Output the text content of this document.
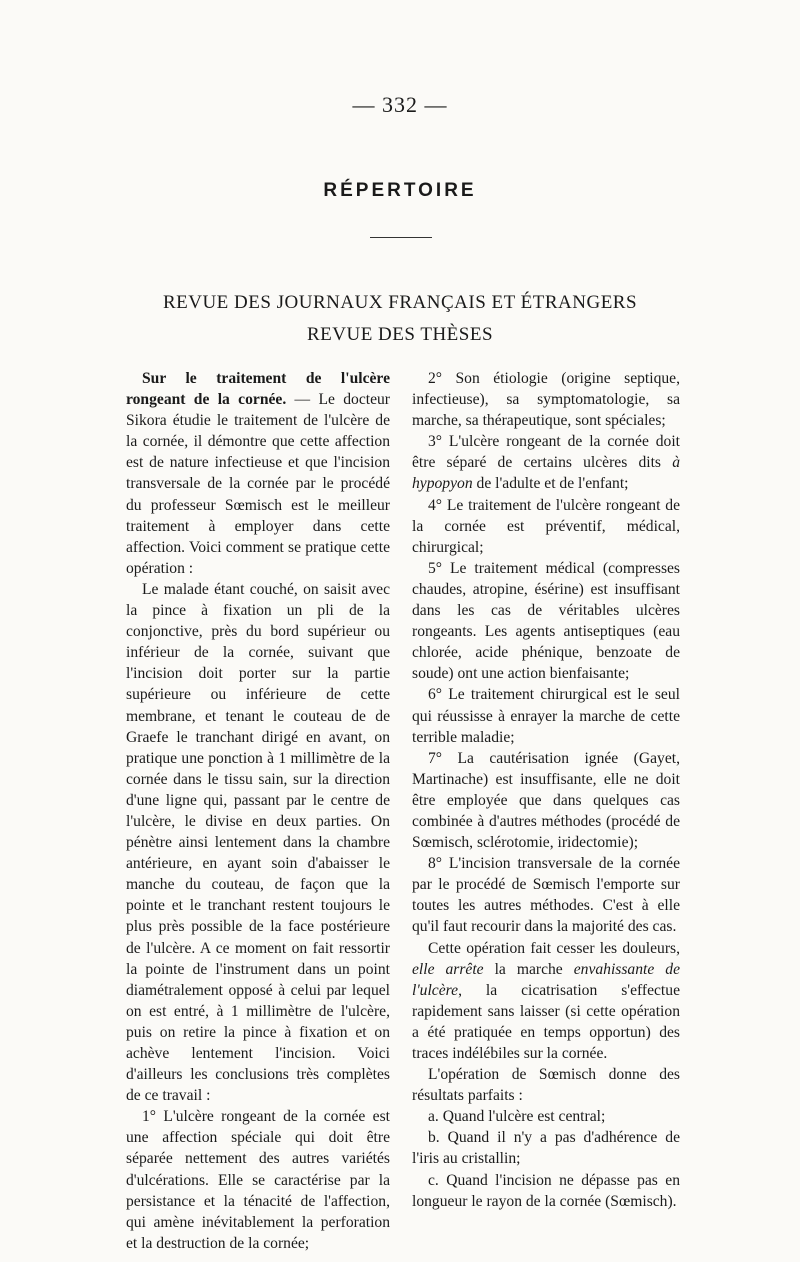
— 332 —
RÉPERTOIRE
REVUE DES JOURNAUX FRANÇAIS ET ÉTRANGERS
REVUE DES THÈSES

Sur le traitement de l'ulcère rongeant de la cornée. — Le docteur Sikora étudie le traitement de l'ulcère de la cornée, il démontre que cette affection est de nature infectieuse et que l'incision transversale de la cornée par le procédé du professeur Sœmisch est le meilleur traitement à employer dans cette affection. Voici comment se pratique cette opération :

Le malade étant couché, on saisit avec la pince à fixation un pli de la conjonctive, près du bord supérieur ou inférieur de la cornée, suivant que l'incision doit porter sur la partie supérieure ou inférieure de cette membrane, et tenant le couteau de de Graefe le tranchant dirigé en avant, on pratique une ponction à 1 millimètre de la cornée dans le tissu sain, sur la direction d'une ligne qui, passant par le centre de l'ulcère, le divise en deux parties. On pénètre ainsi lentement dans la chambre antérieure, en ayant soin d'abaisser le manche du couteau, de façon que la pointe et le tranchant restent toujours le plus près possible de la face postérieure de l'ulcère. A ce moment on fait ressortir la pointe de l'instrument dans un point diamétralement opposé à celui par lequel on est entré, à 1 millimètre de l'ulcère, puis on retire la pince à fixation et on achève lentement l'incision. Voici d'ailleurs les conclusions très complètes de ce travail :

1° L'ulcère rongeant de la cornée est une affection spéciale qui doit être séparée nettement des autres variétés d'ulcérations. Elle se caractérise par la persistance et la ténacité de l'affection, qui amène inévitablement la perforation et la destruction de la cornée;

2° Son étiologie (origine septique, infectieuse), sa symptomatologie, sa marche, sa thérapeutique, sont spéciales;

3° L'ulcère rongeant de la cornée doit être séparé de certains ulcères dits à hypopyon de l'adulte et de l'enfant;

4° Le traitement de l'ulcère rongeant de la cornée est préventif, médical, chirurgical;

5° Le traitement médical (compresses chaudes, atropine, ésérine) est insuffisant dans les cas de véritables ulcères rongeants. Les agents antiseptiques (eau chlorée, acide phénique, benzoate de soude) ont une action bienfaisante;

6° Le traitement chirurgical est le seul qui réussisse à enrayer la marche de cette terrible maladie;

7° La cautérisation ignée (Gayet, Martinache) est insuffisante, elle ne doit être employée que dans quelques cas combinée à d'autres méthodes (procédé de Sœmisch, sclérotomie, iridectomie);

8° L'incision transversale de la cornée par le procédé de Sœmisch l'emporte sur toutes les autres méthodes. C'est à elle qu'il faut recourir dans la majorité des cas.

Cette opération fait cesser les douleurs, elle arrête la marche envahissante de l'ulcère, la cicatrisation s'effectue rapidement sans laisser (si cette opération a été pratiquée en temps opportun) des traces indélébiles sur la cornée.

L'opération de Sœmisch donne des résultats parfaits :

a. Quand l'ulcère est central;

b. Quand il n'y a pas d'adhérence de l'iris au cristallin;

c. Quand l'incision ne dépasse pas en longueur le rayon de la cornée (Sœmisch).
